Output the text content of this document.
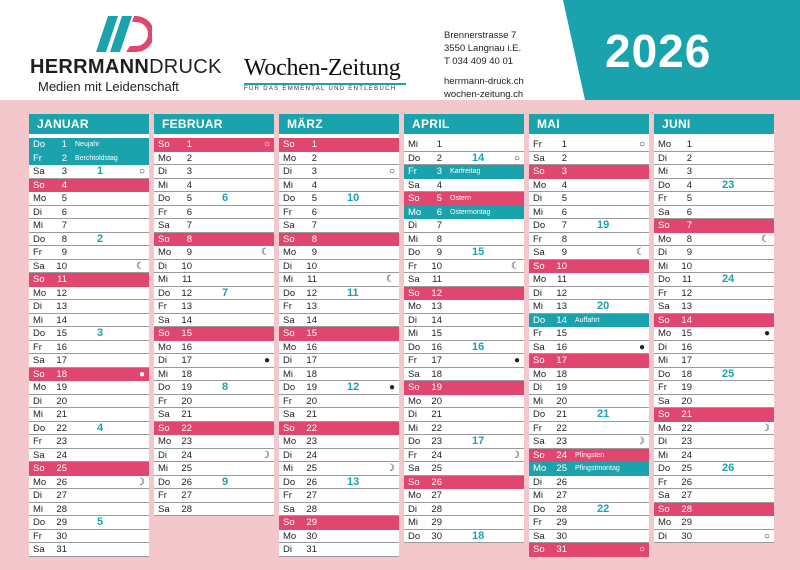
HERRMANNDRUCK
Medien mit Leidenschaft
Wochen-Zeitung
FÜR DAS EMMENTAL UND ENTLEBUCH
Brennerstrasse 7
3550 Langnau i.E.
T 034 409 40 01
herrmann-druck.ch
wochen-zeitung.ch
2026
JANUAR
Do	1 Neujahr
Fr	2 Berchtoldstag
Sa	3	1	○
So	4
Mo	5
Di	6
Mi	7
Do	8	2
Fr	9
Sa 10	☾
So 11
Mo 12
Di 13
Mi 14
Do 15	3
Fr 16
Sa 17
So 18	●
Mo 19
Di 20
Mi 21
Do 22	4
Fr 23
Sa 24
So 25
Mo 26	☽
Di 27
Mi 28
Do 29	5
Fr 30
Sa 31
FEBRUAR
So	1	○
Mo	2
Di	3
Mi	4
Do	5	6
Fr	6
Sa	7
So	8
Mo	9	☾
Di 10
Mi 11
Do 12	7
Fr 13
Sa 14
So 15
Mo 16
Di 17	●
Mi 18
Do 19	8
Fr 20
Sa 21
So 22
Mo 23
Di 24	☽
Mi 25
Do 26	9
Fr 27
Sa 28
MÄRZ
So	1
Mo	2
Di	3	○
Mi	4
Do	5	10
Fr	6
Sa	7
So	8
Mo	9
Di 10
Mi 11	☾
Do 12	11
Fr 13
Sa 14
So 15
Mo 16
Di 17
Mi 18
Do 19	12	●
Fr 20
Sa 21
So 22
Mo 23
Di 24
Mi 25	☽
Do 26	13
Fr 27
Sa 28
So 29
Mo 30
Di 31
APRIL
Mi	1
Do	2	14	○
Fr	3 Karfreitag
Sa	4
So	5 Ostern
Mo	6 Ostermontag
Di	7
Mi	8
Do	9	15
Fr 10	☾
Sa 11
So 12
Mo 13
Di 14
Mi 15
Do 16	16
Fr 17	●
Sa 18
So 19
Mo 20
Di 21
Mi 22
Do 23	17
Fr 24	☽
Sa 25
So 26
Mo 27
Di 28
Mi 29
Do 30	18
MAI
Fr	1	○
Sa	2
So	3
Mo	4
Di	5
Mi	6
Do	7	19
Fr	8
Sa	9	☾
So 10
Mo 11
Di 12
Mi 13	20
Do 14 Auffahrt
Fr 15
Sa 16	●
So 17
Mo 18
Di 19
Mi 20
Do 21	21
Fr 22
Sa 23	☽
So 24 Pfingsten
Mo 25 Pfingstmontag
Di 26
Mi 27
Do 28	22
Fr 29
Sa 30
So 31	○
JUNI
Mo	1
Di	2
Mi	3
Do	4	23
Fr	5
Sa	6
So	7
Mo	8	☾
Di	9
Mi 10
Do 11	24
Fr 12
Sa 13
So 14
Mo 15	●
Di 16
Mi 17
Do 18	25
Fr 19
Sa 20
So 21
Mo 22	☽
Di 23
Mi 24
Do 25	26
Fr 26
Sa 27
So 28
Mo 29
Di 30	○
